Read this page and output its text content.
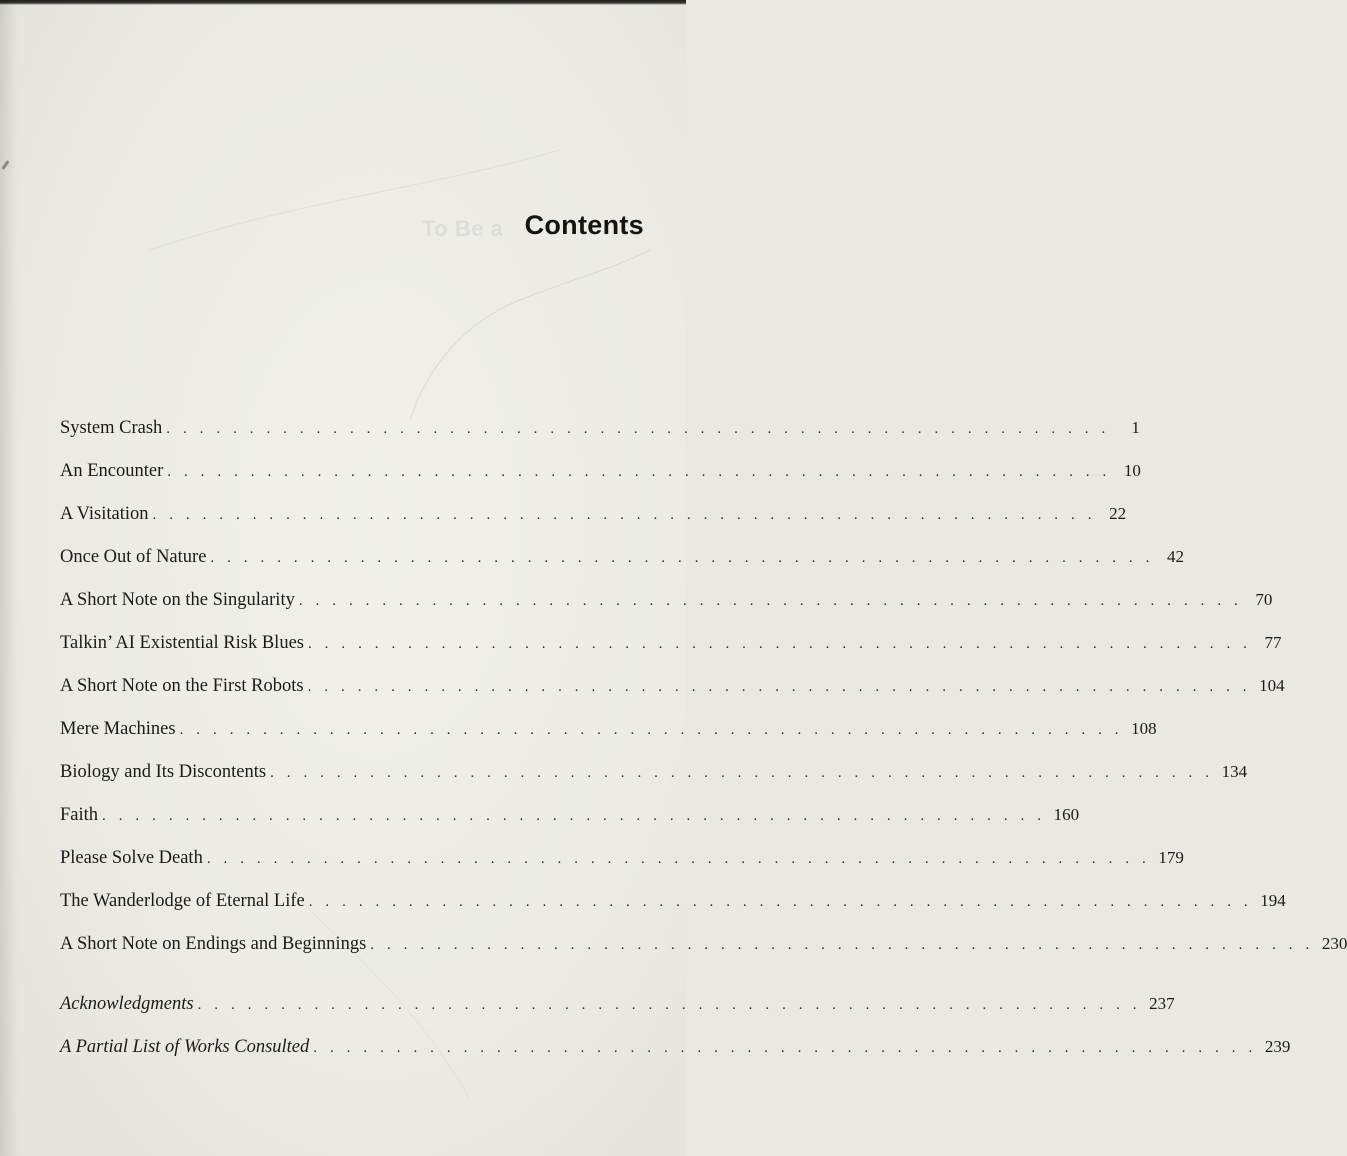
To Be a Contents
System Crash . . . . . . . . . . . . . . . . . . . . . . . . . . . . . . . . . . . . . . . . . . . . . . . . . . . . . . . . .	1
An Encounter . . . . . . . . . . . . . . . . . . . . . . . . . . . . . . . . . . . . . . . . . . . . . . . . . . . . . . . . . 10
A Visitation . . . . . . . . . . . . . . . . . . . . . . . . . . . . . . . . . . . . . . . . . . . . . . . . . . . . . . . . . 22
Once Out of Nature . . . . . . . . . . . . . . . . . . . . . . . . . . . . . . . . . . . . . . . . . . . . . . . . . . . . . . . . . 42
A Short Note on the Singularity . . . . . . . . . . . . . . . . . . . . . . . . . . . . . . . . . . . . . . . . . . . . . . . . . . . . . . . . . 70
Talkin’ AI Existential Risk Blues . . . . . . . . . . . . . . . . . . . . . . . . . . . . . . . . . . . . . . . . . . . . . . . . . . . . . . . . . 77
A Short Note on the First Robots . . . . . . . . . . . . . . . . . . . . . . . . . . . . . . . . . . . . . . . . . . . . . . . . . . . . . . . . . 104
Mere Machines . . . . . . . . . . . . . . . . . . . . . . . . . . . . . . . . . . . . . . . . . . . . . . . . . . . . . . . . . 108
Biology and Its Discontents . . . . . . . . . . . . . . . . . . . . . . . . . . . . . . . . . . . . . . . . . . . . . . . . . . . . . . . . . 134
Faith . . . . . . . . . . . . . . . . . . . . . . . . . . . . . . . . . . . . . . . . . . . . . . . . . . . . . . . . . 160
Please Solve Death . . . . . . . . . . . . . . . . . . . . . . . . . . . . . . . . . . . . . . . . . . . . . . . . . . . . . . . . . 179
The Wanderlodge of Eternal Life . . . . . . . . . . . . . . . . . . . . . . . . . . . . . . . . . . . . . . . . . . . . . . . . . . . . . . . . . 194
A Short Note on Endings and Beginnings . . . . . . . . . . . . . . . . . . . . . . . . . . . . . . . . . . . . . . . . . . . . . . . . . . . . . . . . . 230
Acknowledgments . . . . . . . . . . . . . . . . . . . . . . . . . . . . . . . . . . . . . . . . . . . . . . . . . . . . . . . . . 237
A Partial List of Works Consulted . . . . . . . . . . . . . . . . . . . . . . . . . . . . . . . . . . . . . . . . . . . . . . . . . . . . . . . . . 239
